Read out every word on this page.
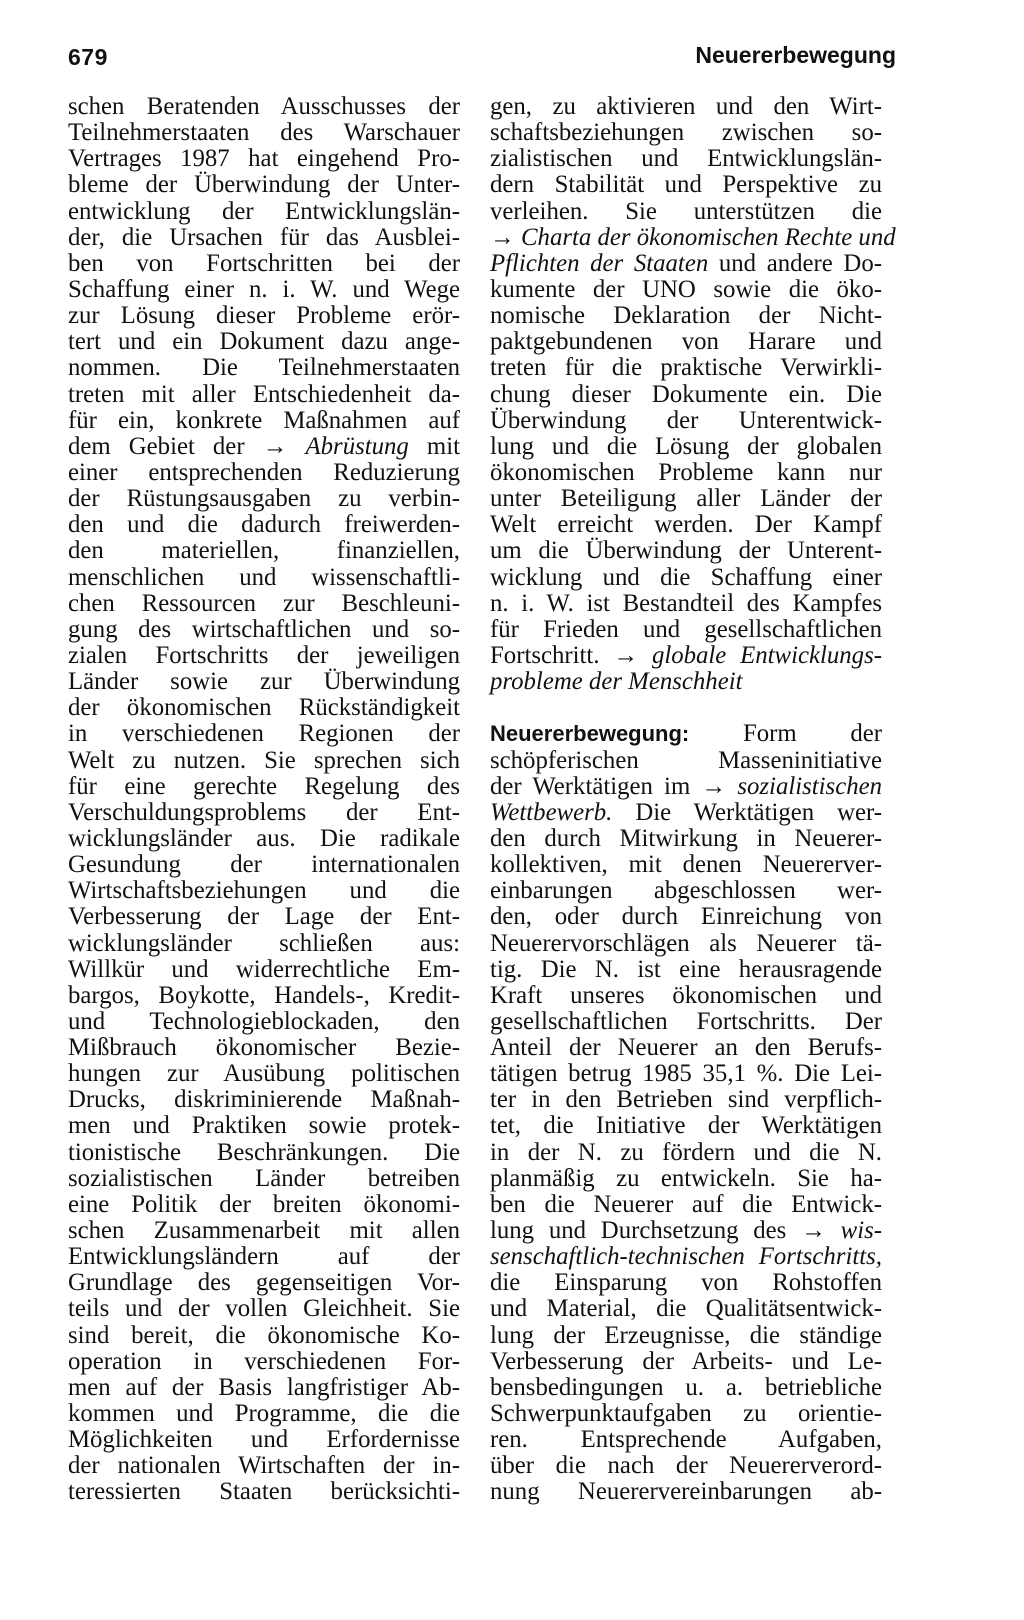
679	Neuererbewegung
schen Beratenden Ausschusses der
Teilnehmerstaaten des Warschauer
Vertrages 1987 hat eingehend Pro-
bleme der Überwindung der Unter-
entwicklung der Entwicklungslän-
der, die Ursachen für das Ausblei-
ben von Fortschritten bei der
Schaffung einer n. i. W. und Wege
zur Lösung dieser Probleme erör-
tert und ein Dokument dazu ange-
nommen. Die Teilnehmerstaaten
treten mit aller Entschiedenheit da-
für ein, konkrete Maßnahmen auf
dem Gebiet der → Abrüstung mit
einer entsprechenden Reduzierung
der Rüstungsausgaben zu verbin-
den und die dadurch freiwerden-
den materiellen, finanziellen,
menschlichen und wissenschaftli-
chen Ressourcen zur Beschleuni-
gung des wirtschaftlichen und so-
zialen Fortschritts der jeweiligen
Länder sowie zur Überwindung
der ökonomischen Rückständigkeit
in verschiedenen Regionen der
Welt zu nutzen. Sie sprechen sich
für eine gerechte Regelung des
Verschuldungsproblems der Ent-
wicklungsländer aus. Die radikale
Gesundung der internationalen
Wirtschaftsbeziehungen und die
Verbesserung der Lage der Ent-
wicklungsländer schließen aus:
Willkür und widerrechtliche Em-
bargos, Boykotte, Handels-, Kredit-
und Technologieblockaden, den
Mißbrauch ökonomischer Bezie-
hungen zur Ausübung politischen
Drucks, diskriminierende Maßnah-
men und Praktiken sowie protek-
tionistische Beschränkungen. Die
sozialistischen Länder betreiben
eine Politik der breiten ökonomi-
schen Zusammenarbeit mit allen
Entwicklungsländern auf der
Grundlage des gegenseitigen Vor-
teils und der vollen Gleichheit. Sie
sind bereit, die ökonomische Ko-
operation in verschiedenen For-
men auf der Basis langfristiger Ab-
kommen und Programme, die die
Möglichkeiten und Erfordernisse
der nationalen Wirtschaften der in-
teressierten Staaten berücksichti-
gen, zu aktivieren und den Wirt-
schaftsbeziehungen zwischen so-
zialistischen und Entwicklungslän-
dern Stabilität und Perspektive zu
verleihen. Sie unterstützen die
→ Charta der ökonomischen Rechte und
Pflichten der Staaten und andere Do-
kumente der UNO sowie die öko-
nomische Deklaration der Nicht-
paktgebundenen von Harare und
treten für die praktische Verwirkli-
chung dieser Dokumente ein. Die
Überwindung der Unterentwick-
lung und die Lösung der globalen
ökonomischen Probleme kann nur
unter Beteiligung aller Länder der
Welt erreicht werden. Der Kampf
um die Überwindung der Unterent-
wicklung und die Schaffung einer
n. i. W. ist Bestandteil des Kampfes
für Frieden und gesellschaftlichen
Fortschritt. → globale Entwicklungs-
probleme der Menschheit
Neuererbewegung: Form der
schöpferischen Masseninitiative
der Werktätigen im → sozialistischen
Wettbewerb. Die Werktätigen wer-
den durch Mitwirkung in Neuerer-
kollektiven, mit denen Neuererver-
einbarungen abgeschlossen wer-
den, oder durch Einreichung von
Neuerervorschlägen als Neuerer tä-
tig. Die N. ist eine herausragende
Kraft unseres ökonomischen und
gesellschaftlichen Fortschritts. Der
Anteil der Neuerer an den Berufs-
tätigen betrug 1985 35,1 %. Die Lei-
ter in den Betrieben sind verpflich-
tet, die Initiative der Werktätigen
in der N. zu fördern und die N.
planmäßig zu entwickeln. Sie ha-
ben die Neuerer auf die Entwick-
lung und Durchsetzung des → wis-
senschaftlich-technischen Fortschritts,
die Einsparung von Rohstoffen
und Material, die Qualitätsentwick-
lung der Erzeugnisse, die ständige
Verbesserung der Arbeits- und Le-
bensbedingungen u. a. betriebliche
Schwerpunktaufgaben zu orientie-
ren. Entsprechende Aufgaben,
über die nach der Neuererverord-
nung Neuerervereinbarungen ab-
